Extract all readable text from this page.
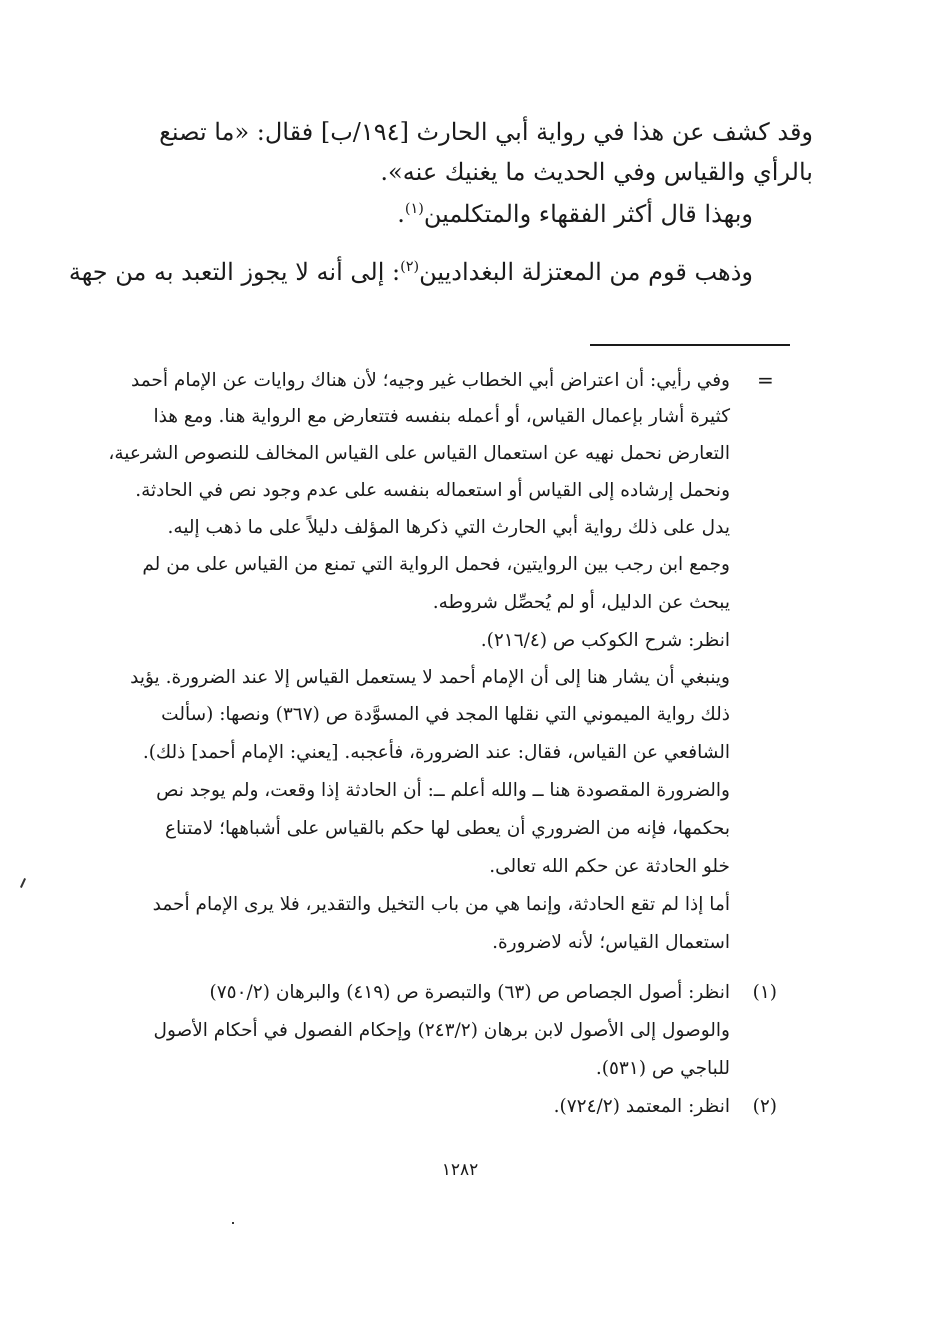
وقد كشف عن هذا في رواية أبي الحارث [١٩٤/ب] فقال: «ما تصنع
بالرأي والقياس وفي الحديث ما يغنيك عنه».
وبهذا قال أكثر الفقهاء والمتكلمين$^{(١)}$.
وذهب قوم من المعتزلة البغداديين$^{(٢)}$: إلى أنه لا يجوز التعبد به من جهة
=
وفي رأيي: أن اعتراض أبي الخطاب غير وجيه؛ لأن هناك روايات عن الإمام أحمد
كثيرة أشار بإعمال القياس، أو أعمله بنفسه فتتعارض مع الرواية هنا. ومع هذا
التعارض نحمل نهيه عن استعمال القياس على القياس المخالف للنصوص الشرعية،
ونحمل إرشاده إلى القياس أو استعماله بنفسه على عدم وجود نص في الحادثة.
يدل على ذلك رواية أبي الحارث التي ذكرها المؤلف دليلاً على ما ذهب إليه.
وجمع ابن رجب بين الروايتين، فحمل الرواية التي تمنع من القياس على من لم
يبحث عن الدليل، أو لم يُحصِّل شروطه.
انظر: شرح الكوكب ص (٢١٦/٤).
وينبغي أن يشار هنا إلى أن الإمام أحمد لا يستعمل القياس إلا عند الضرورة. يؤيد
ذلك رواية الميموني التي نقلها المجد في المسوَّدة ص (٣٦٧) ونصها: (سألت
الشافعي عن القياس، فقال: عند الضرورة، فأعجبه. [يعني: الإمام أحمد] ذلك).
والضرورة المقصودة هنا ــ والله أعلم ــ: أن الحادثة إذا وقعت، ولم يوجد نص
بحكمها، فإنه من الضروري أن يعطى لها حكم بالقياس على أشباهها؛ لامتناع
خلو الحادثة عن حكم الله تعالى.
أما إذا لم تقع الحادثة، وإنما هي من باب التخيل والتقدير، فلا يرى الإمام أحمد
استعمال القياس؛ لأنه لاضرورة.
(١)
انظر: أصول الجصاص ص (٦٣) والتبصرة ص (٤١٩) والبرهان (٧٥٠/٢)
والوصول إلى الأصول لابن برهان (٢٤٣/٢) وإحكام الفصول في أحكام الأصول
للباجي ص (٥٣١).
(٢)
انظر: المعتمد (٧٢٤/٢).
١٢٨٢
